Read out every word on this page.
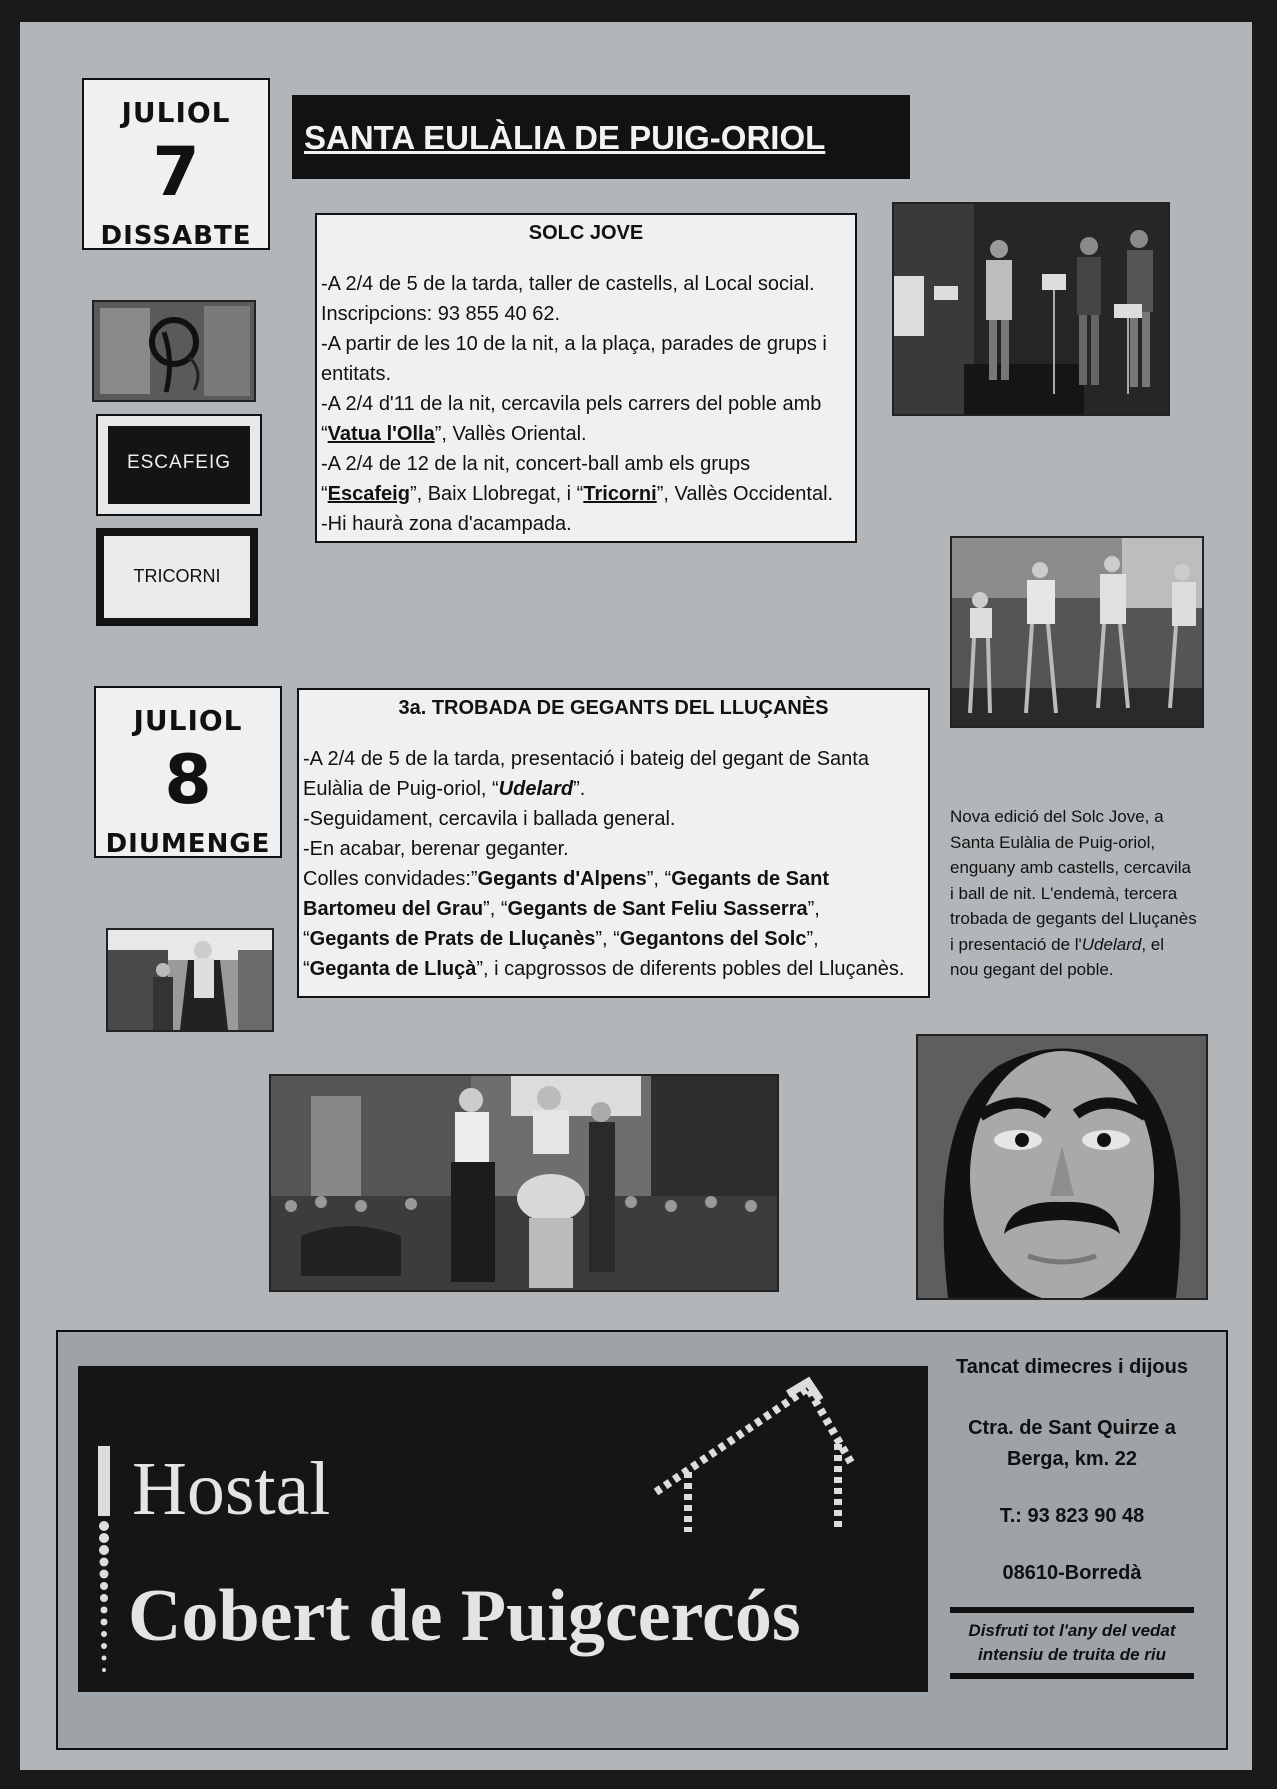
JULIOL
7
DISSABTE
SANTA EULÀLIA DE PUIG-ORIOL
ESCAFEIG
TRICORNI
SOLC JOVE

-A 2/4 de 5 de la tarda, taller de castells, al Local social.

Inscripcions: 93 855 40 62.

-A partir de les 10 de la nit, a la plaça, parades de grups i

entitats.

-A 2/4 d'11 de la nit, cercavila pels carrers del poble amb

“Vatua l'Olla”, Vallès Oriental.

-A 2/4 de 12 de la nit, concert-ball amb els grups

“Escafeig”, Baix Llobregat, i “Tricorni”, Vallès Occidental.

-Hi haurà zona d'acampada.

JULIOL
8
DIUMENGE
3a. TROBADA DE GEGANTS DEL LLUÇANÈS

-A 2/4 de 5 de la tarda, presentació i bateig del gegant de Santa

Eulàlia de Puig-oriol, “Udelard”.

-Seguidament, cercavila i ballada general.

-En acabar, berenar geganter.

Colles convidades:”Gegants d'Alpens”, “Gegants de Sant

Bartomeu del Grau”, “Gegants de Sant Feliu Sasserra”,

“Gegants de Prats de Lluçanès”, “Gegantons del Solc”,

“Geganta de Lluçà”, i capgrossos de diferents pobles del Lluçanès.

Nova edició del Solc Jove, a
Santa Eulàlia de Puig-oriol,
enguany amb castells, cercavila
i ball de nit. L'endemà, tercera
trobada de gegants del Lluçanès
i presentació de l'Udelard, el
nou gegant del poble.
Hostal
Cobert de Puigcercós
Tancat dimecres i dijous
Ctra. de Sant Quirze a
Berga, km. 22
T.: 93 823 90 48
08610-Borredà
Disfruti tot l'any del vedat
intensiu de truita de riu
